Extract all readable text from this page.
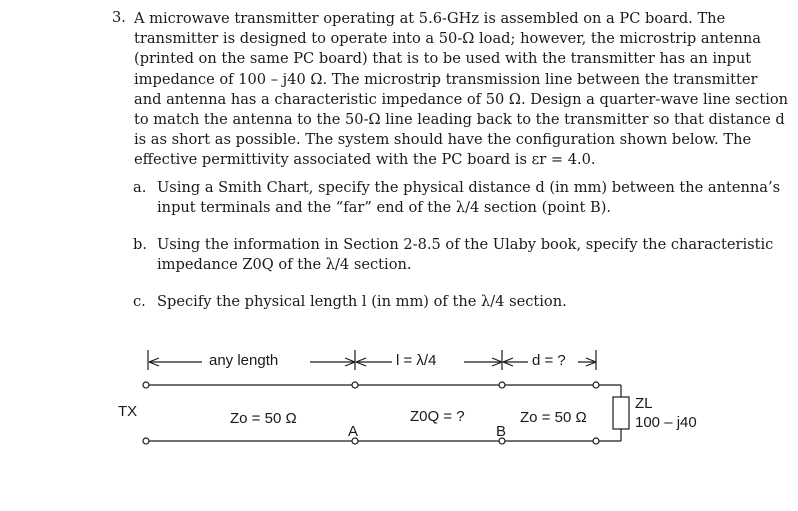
3. A microwave transmitter operating at 5.6-GHz is assembled on a PC board. The
transmitter is designed to operate into a 50-Ω load; however, the microstrip antenna
(printed on the same PC board) that is to be used with the transmitter has an input
impedance of 100 – j40 Ω. The microstrip transmission line between the transmitter
and antenna has a characteristic impedance of 50 Ω. Design a quarter-wave line section
to match the antenna to the 50-Ω line leading back to the transmitter so that distance d
is as short as possible. The system should have the configuration shown below. The
effective permittivity associated with the PC board is εr = 4.0.
a. Using a Smith Chart, specify the physical distance d (in mm) between the antenna’s
input terminals and the “far” end of the λ/4 section (point B).
b. Using the information in Section 2-8.5 of the Ulaby book, specify the characteristic
impedance Z0Q of the λ/4 section.
c. Specify the physical length l (in mm) of the λ/4 section.
any length	l = λ/4	d = ?
TX	Zo = 50 Ω
A
Z0Q = ?
B
Zo = 50 Ω
ZL
100 – j40
